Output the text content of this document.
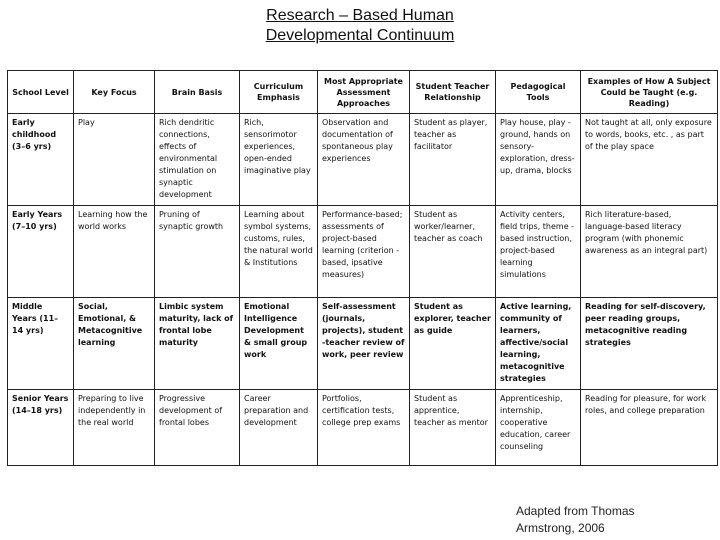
Research – Based Human
Developmental Continuum
School Level	Key Focus	Brain Basis	Curriculum Emphasis	Most Appropriate Assessment Approaches	Student Teacher Relationship	Pedagogical Tools	Examples of How A Subject Could be Taught (e.g. Reading)
Early childhood (3–6 yrs)	Play	Rich dendritic connections, effects of environmental stimulation on synaptic development	Rich, sensorimotor experiences, open-ended imaginative play	Observation and documentation of spontaneous play experiences	Student as player, teacher as facilitator	Play house, play -ground, hands on sensory-exploration, dress-up, drama, blocks	Not taught at all, only exposure to words, books, etc. , as part of the play space
Early Years (7–10 yrs)	Learning how the world works	Pruning of synaptic growth	Learning about symbol systems, customs, rules, the natural world & Institutions	Performance-based; assessments of project-based learning (criterion - based, ipsative measures)	Student as worker/learner, teacher as coach	Activity centers, field trips, theme -based instruction, project-based learning simulations	Rich literature-based, language-based literacy program (with phonemic awareness as an integral part)
Middle Years (11–14 yrs)	Social, Emotional, & Metacognitive learning	Limbic system maturity, lack of frontal lobe maturity	Emotional Intelligence Development & small group work	Self-assessment (journals, projects), student -teacher review of work, peer review	Student as explorer, teacher as guide	Active learning, community of learners, affective/social learning, metacognitive strategies	Reading for self-discovery, peer reading groups, metacognitive reading strategies
Senior Years (14–18 yrs)	Preparing to live independently in the real world	Progressive development of frontal lobes	Career preparation and development	Portfolios, certification tests, college prep exams	Student as apprentice, teacher as mentor	Apprenticeship, internship, cooperative education, career counseling	Reading for pleasure, for work roles, and college preparation
Adapted from Thomas
Armstrong, 2006
